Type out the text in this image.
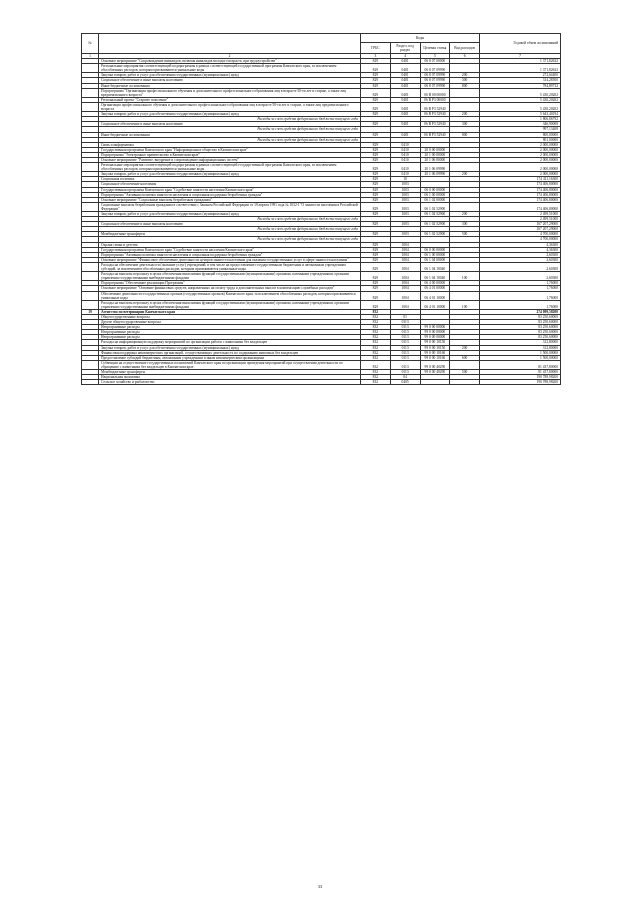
№		Коды				Годовой объем ассигнований
		ГРБС	Раздел, под раздел	Целевая статья	Вид расходов	
1	2	3	4	5	6	7
	Основное мероприятие "Сопровождение инвалидов, включая инвалидов молодого возраста, при трудоустройстве"	829	0401	06 8 07 00000		1 371,82632
	Региональные мероприятия соответствующей подпрограммы в рамках соответствующей государственной программы Камчатского края, за исключением обособленных расходов, которым присваиваются уникальные коды	829	0401	06 8 07 09990		1 371,82632
	Закупка товаров, работ и услуг для обеспечения государственных (муниципальных) нужд	829	0401	06 8 07 09990	200	272,64400
	Социальное обеспечение и иные выплаты населению	829	0401	06 8 07 09990	300	314,28500
	Иные бюджетные ассигнования	829	0401	06 8 07 09990	800	784,89732
	Подпрограмма "Организация профессионального обучения и дополнительного профессионального образования лиц в возрасте 50-ти лет и старше, а также лиц предпенсионного возраста"	829	0401	06 В 00 00000		5 430,20202
	Региональный проект "Старшее поколение"	829	0401	06 В P3 00000		5 430,20202
	Организация профессионального обучения и дополнительного профессионального образования лиц в возрасте 50-ти лет и старше, а также лиц предпенсионного возраста	829	0401	06 В P3 52940		5 430,20202
	Закупка товаров, работ и услуг для обеспечения государственных (муниципальных) нужд	829	0401	06 В P3 52940	200	5 643,40194
	Расходы за счет средств федерального бюджета текущего года					1 806,86792
	Социальное обеспечение и иные выплаты населению	829	0401	06 В P3 52940	300	346,90008
	Расходы за счет средств федерального бюджета текущего года					997,13408
	Иные бюджетные ассигнования	829	0401	06 В P3 52940	800	800,00000
	Расходы за счет средств федерального бюджета текущего года					801,00000
	Связь и информатика	829	0410			2 000,00000
	Государственная программа Камчатского края "Информационное общество в Камчатском крае"	829	0410	20 0 00 00000		2 000,00000
	Подпрограмма "Электронное правительство в Камчатском крае"	829	0410	20 1 00 00000		2 000,00000
	Основное мероприятие "Развитие, внедрение и сопровождение информационных систем"	829	0410	20 1 06 00000		2 000,00000
	Региональные мероприятия соответствующей подпрограммы в рамках соответствующей государственной программы Камчатского края, за исключением обособленных расходов, которым присваиваются уникальные коды	829	0410	20 1 06 09990		2 000,00000
	Закупка товаров, работ и услуг для обеспечения государственных (муниципальных) нужд	829	0410	20 1 06 09990	200	2 000,00000
	Социальная политика	829	10			174 411,16300
	Социальное обеспечение населения	829	1003			174 406,80000
	Государственная программа Камчатского края "Содействие занятости населения Камчатского края"	829	1003	06 0 00 00000		174 406,80000
	Подпрограмма "Активная политика занятости населения и социальная поддержка безработных граждан"	829	1003	06 1 00 00000		174 406,80000
	Основное мероприятие "Социальные выплаты безработным гражданам"	829	1003	06 1 02 00000		174 406,80000
	Социальные выплаты безработным гражданам в соответствии с Законом Российской Федерации от 19 апреля 1991 года № 1032-I "О занятости населения в Российской Федерации"	829	1003	06 1 02 52900		174 406,80000
	Закупка товаров, работ и услуг для обеспечения государственных (муниципальных) нужд	829	1003	06 1 02 52900	200	2 499,51000
	Расходы за счет средств федерального бюджета текущего года					2 499,51000
	Социальное обеспечение и иные выплаты населению	829	1003	06 1 02 52900	300	167 207,29000
	Расходы за счет средств федерального бюджета текущего года					167 207,29000
	Межбюджетные трансферты	829	1003	06 1 02 52900	500	4 700,00000
	Расходы за счет средств федерального бюджета текущего года					4 700,00000
	Охрана семьи и детства	829	1004			4,36300
	Государственная программа Камчатского края "Содействие занятости населения Камчатского края"	829	1004	06 0 00 00000		4,36300
	Подпрограмма "Активная политика занятости населения и социальная поддержка безработных граждан"	829	1004	06 1 00 00000		2,60300
	Основное мероприятие "Финансовое обеспечение деятельности центров занятости населения для оказания государственных услуг в сфере занятости населения"	829	1004	06 1 04 00000		2,60300
	Расходы на обеспечение деятельности (оказание услуг) учреждений, в том числе на предоставление государственным бюджетным и автономным учреждениям субсидий, за исключением обособленных расходов, которым присваиваются уникальные коды	829	1004	06 1 04 10040		2,60300
	Расходы на выплаты персоналу в целях обеспечения выполнения функций государственными (муниципальными) органами, казенными учреждениями, органами управления государственными внебюджетными фондами	829	1004	06 1 04 10040	100	2,60300
	Подпрограмма "Обеспечение реализации Программы"	829	1004	06 4 00 00000		1,76000
	Основное мероприятие "Освоение финансовых средств, направленных на оплату труда и дополнительных выплат в компенсацию служебных расходов"	829	1004	06 4 01 00000		1,76000
	Обеспечение деятельности государственных органов (государственных органов) Камчатского края, за исключением обособленных расходов, которым присваиваются уникальные коды	829	1004	06 4 01 10000		1,76000
	Расходы на выплаты персоналу в целях обеспечения выполнения функций государственными (муниципальными) органами, казенными учреждениями, органами управления государственными внебюджетными фондами	829	1004	06 4 01 10000	100	1,76000
19	Агентство по ветеринарии Камчатского края	832				274 099,58200
	Общегосударственные вопросы	832	01			83 250,60000
	Другие общегосударственные вопросы	832	0113			83 250,60000
	Непрограммные расходы	832	0113	99 0 00 00000		83 250,60000
	Непрограммные расходы	832	0113	99 0 00 00000		83 250,60000
	Непрограммные расходы	832	0113	99 0 00 00000		83 250,60000
	Расходы на информационную поддержку мероприятий по организации работы с животными без владельцев	832	0113	99 0 00 10150		312,80000
	Закупка товаров, работ и услуг для обеспечения государственных (муниципальных) нужд	832	0113	99 0 00 10150	200	312,80000
	Финансовая поддержка некоммерческих организаций, осуществляющих деятельность по содержанию животных без владельцев	832	0113	99 0 00 10160		1 500,00000
	Предоставление субсидий бюджетным, автономным учреждениям и иным некоммерческим организациям	832	0113	99 0 00 10160	600	1 500,00000
	Субвенции на осуществление государственных полномочий Камчатского края по организации проведения мероприятий при осуществлении деятельности по обращению с животными без владельцев в Камчатском крае	832	0113	99 0 00 40290		81 437,80000
	Межбюджетные трансферты	832	0113	99 0 00 40290	500	81 437,80000
	Национальная экономика	832	04			190 788,98200
	Сельское хозяйство и рыболовство	832	0405			190 788,98200
33
